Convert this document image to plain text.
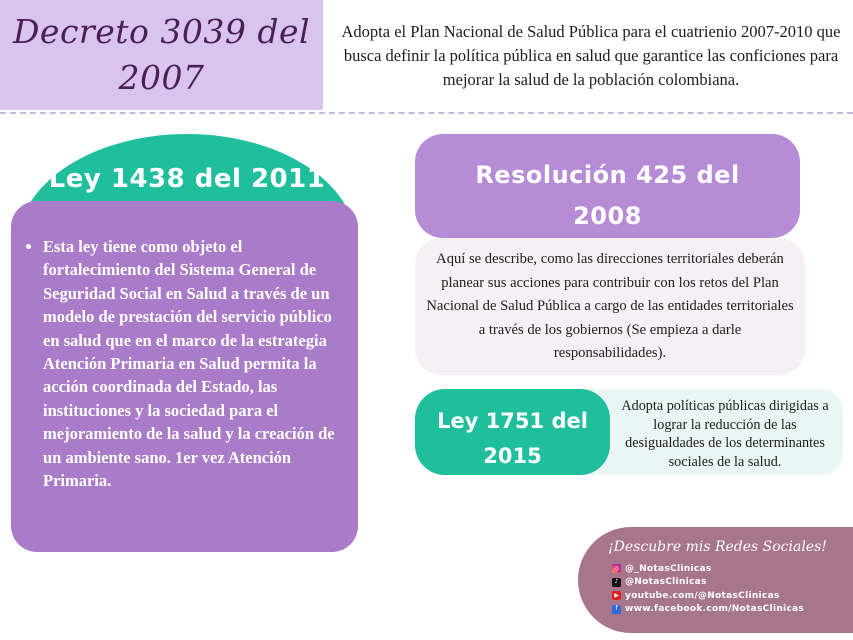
Decreto 3039 del
2007
Adopta el Plan Nacional de Salud Pública para el cuatrienio 2007-2010 que busca definir la política pública en salud que garantice las conficiones para mejorar la salud de la población colombiana.
• Esta ley tiene como objeto el fortalecimiento del Sistema General de Seguridad Social en Salud a través de un modelo de prestación del servicio público en salud que en el marco de la estrategia Atención Primaria en Salud permita la acción coordinada del Estado, las instituciones y la sociedad para el mejoramiento de la salud y la creación de un ambiente sano. 1er vez Atención Primaria.
Ley 1438 del 2011
Aquí se describe, como las direcciones territoriales deberán planear sus acciones para contribuir con los retos del Plan Nacional de Salud Pública a cargo de las entidades territoriales a través de los gobiernos (Se empieza a darle responsabilidades).
Resolución 425 del
2008
Adopta políticas públicas dirigidas a lograr la reducción de las desigualdades de los determinantes sociales de la salud.
Ley 1751 del
2015
¡Descubre mis Redes Sociales!
◎ @_NotasClinicas
♪ @NotasClinicas
▶ youtube.com/@NotasClinicas
f www.facebook.com/NotasClinicas
